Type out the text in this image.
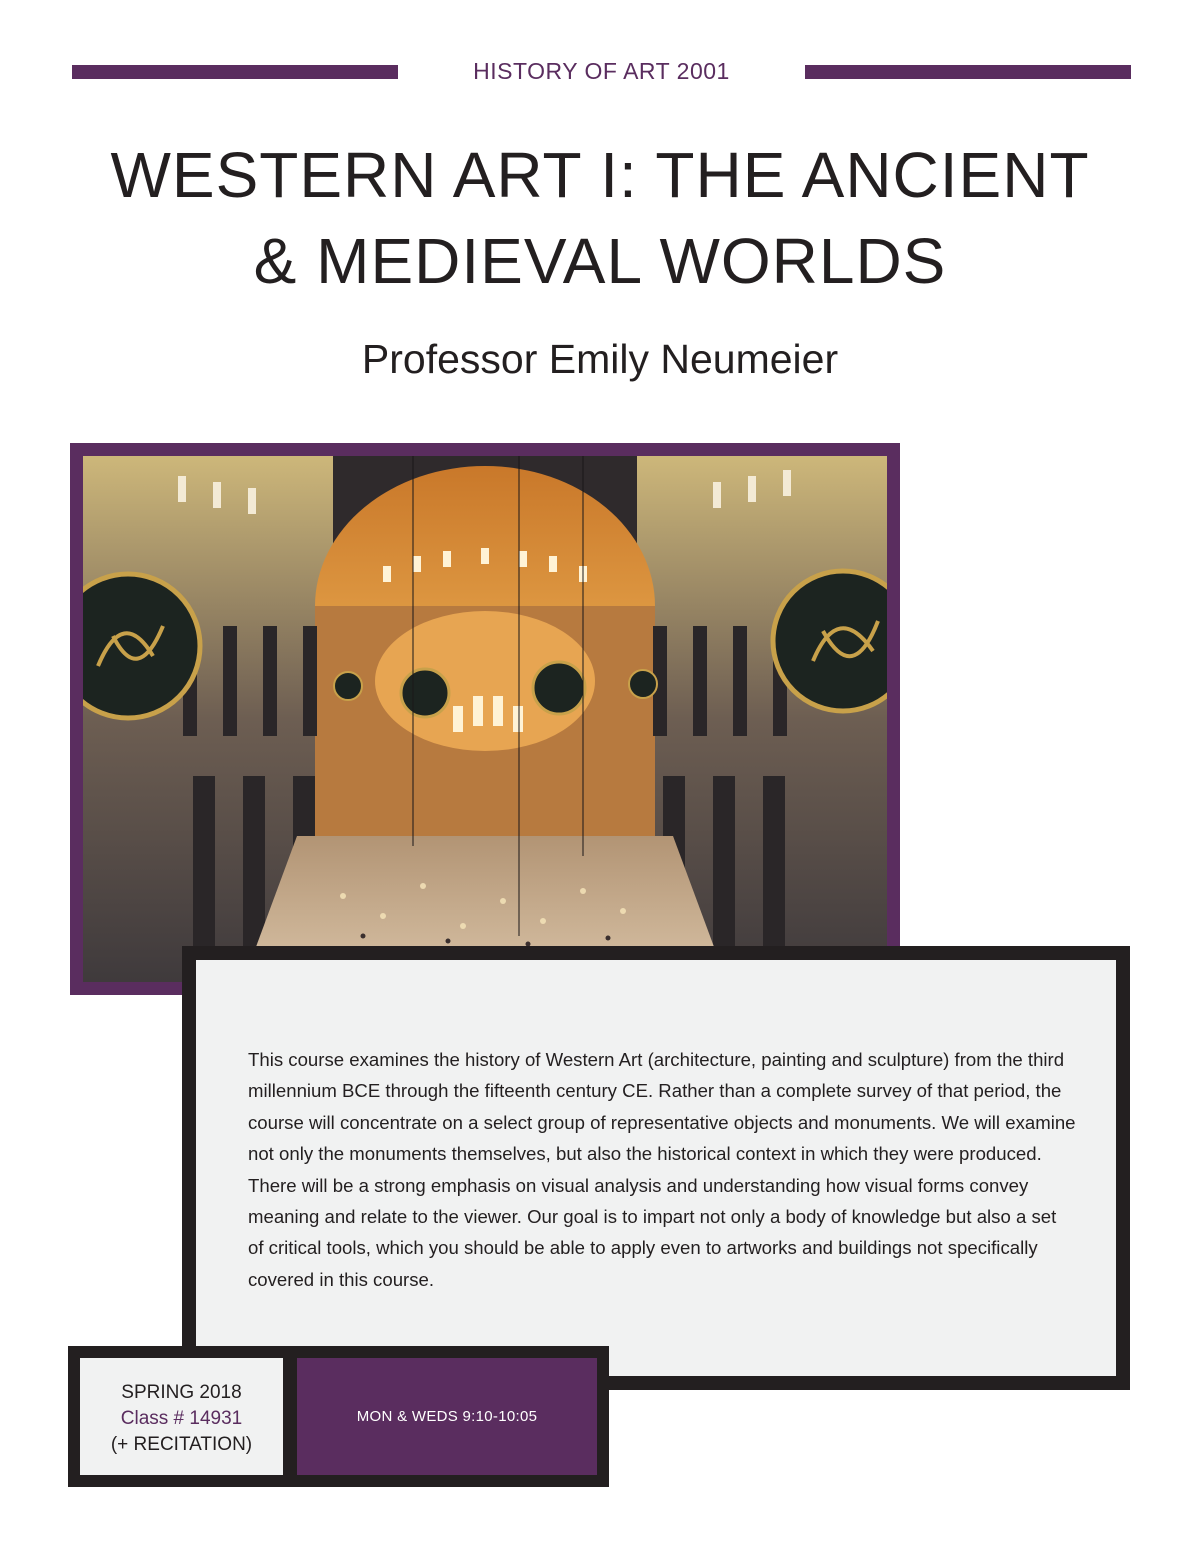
HISTORY OF ART 2001
WESTERN ART I: THE ANCIENT
& MEDIEVAL WORLDS
Professor Emily Neumeier

This course examines the history of Western Art (architecture, painting and sculpture) from the third millennium BCE through the fifteenth century CE. Rather than a complete survey of that period, the course will concentrate on a select group of representative objects and monuments. We will examine not only the monuments themselves, but also the historical context in which they were produced. There will be a strong emphasis on visual analysis and understanding how visual forms convey meaning and relate to the viewer. Our goal is to impart not only a body of knowledge but also a set of critical tools, which you should be able to apply even to artworks and buildings not specifically covered in this course.

SPRING 2018
Class # 14931
(+ RECITATION)
MON & WEDS 9:10-10:05
